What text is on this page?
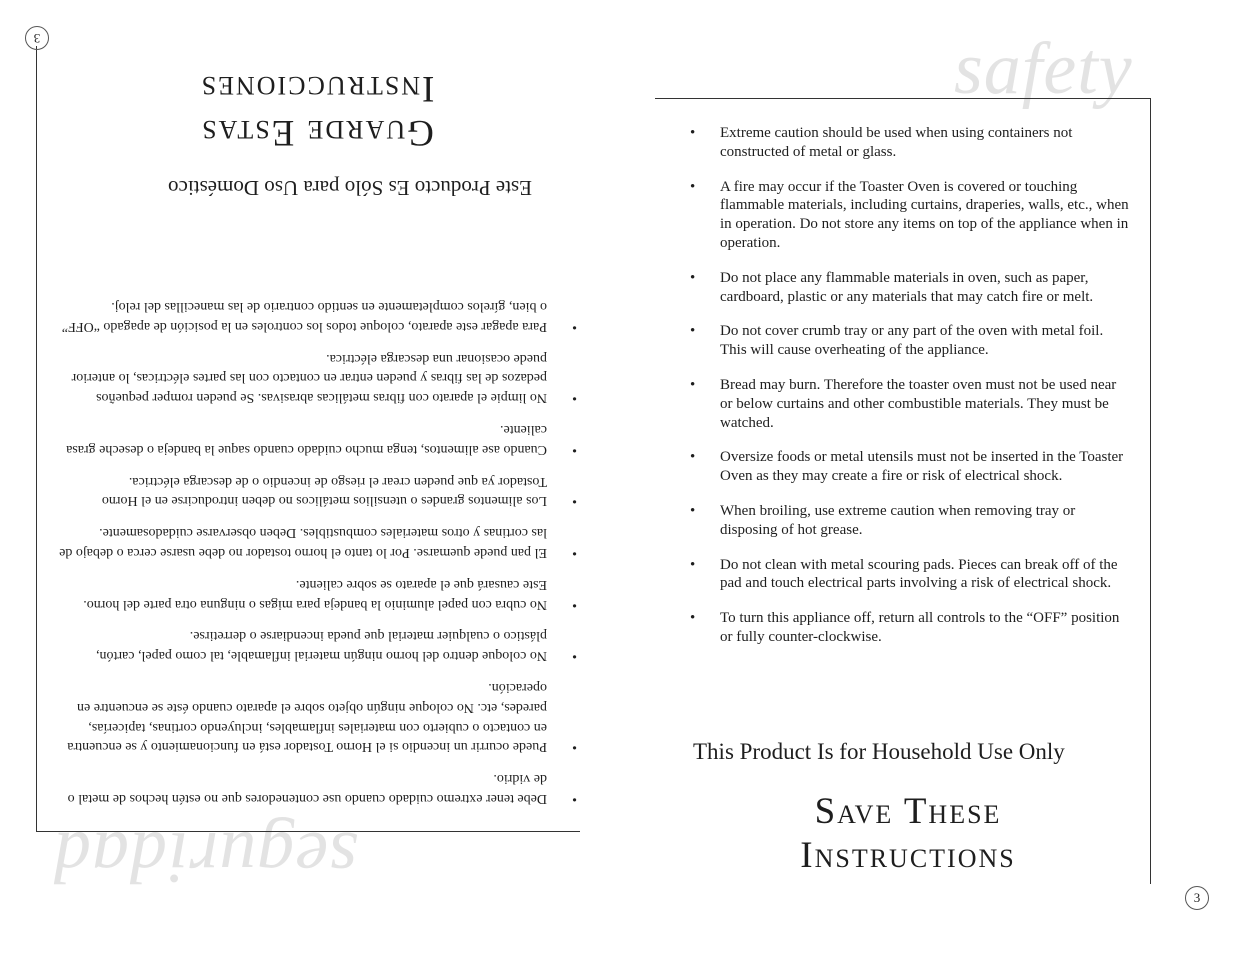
seguridad
•
Debe tener extremo cuidado cuando use contenedores que no estén hechos de metal o de vidrio.
•
Puede ocurrir un incendio si el Horno Tostador está en funcionamiento y se encuentra en contacto o cubierto con materiales inflamables, incluyendo cortinas, tapicerías, paredes, etc. No coloque ningún objeto sobre el aparato cuando éste se encuentre en operación.
•
No coloque dentro del horno ningún material inflamable, tal como papel, cartón, plástico o cualquier material que pueda incendiarse o derretirse.
•
No cubra con papel aluminio la bandeja para migas o ninguna otra parte del horno. Este causará que el aparato se sobre caliente.
•
El pan puede quemarse. Por lo tanto el horno tostador no debe usarse cerca o debajo de las cortinas y otros materiales combustibles. Deben observarse cuidadosamente.
•
Los alimentos grandes o utensilios metálicos no deben introducirse en el Horno Tostador ya que pueden crear el riesgo de incendio o de descarga eléctrica.
•
Cuando ase alimentos, tenga mucho cuidado cuando saque la bandeja o deseche grasa caliente.
•
No limpie el aparato con fibras metálicas abrasivas. Se pueden romper pequeños pedazos de las fibras y pueden entrar en contacto con las partes eléctricas, lo anterior puede ocasionar una descarga eléctrica.
•
Para apagar este aparato, coloque todos los controles en la posición de apagado “OFF” o bien, gírelos completamente en sentido contrario de las manecillas del reloj.
Este Producto Es Sólo para Uso Doméstico
Guarde Estas
Instrucciones
3	safety
• Extreme caution should be used when using containers not constructed of metal or glass.
• A fire may occur if the Toaster Oven is covered or touching flammable materials, including curtains, draperies, walls, etc., when in operation. Do not store any items on top of the appliance when in operation.
• Do not place any flammable materials in oven, such as paper, cardboard, plastic or any materials that may catch fire or melt.
• Do not cover crumb tray or any part of the oven with metal foil. This will cause overheating of the appliance.
• Bread may burn. Therefore the toaster oven must not be used near or below curtains and other combustible materials. They must be watched.
• Oversize foods or metal utensils must not be inserted in the Toaster Oven as they may create a fire or risk of electrical shock.
• When broiling, use extreme caution when removing tray or disposing of hot grease.
• Do not clean with metal scouring pads. Pieces can break off of the pad and touch electrical parts involving a risk of electrical shock.
• To turn this appliance off, return all controls to the “OFF” position or fully counter-clockwise.
This Product Is for Household Use Only
Save These
Instructions
3
